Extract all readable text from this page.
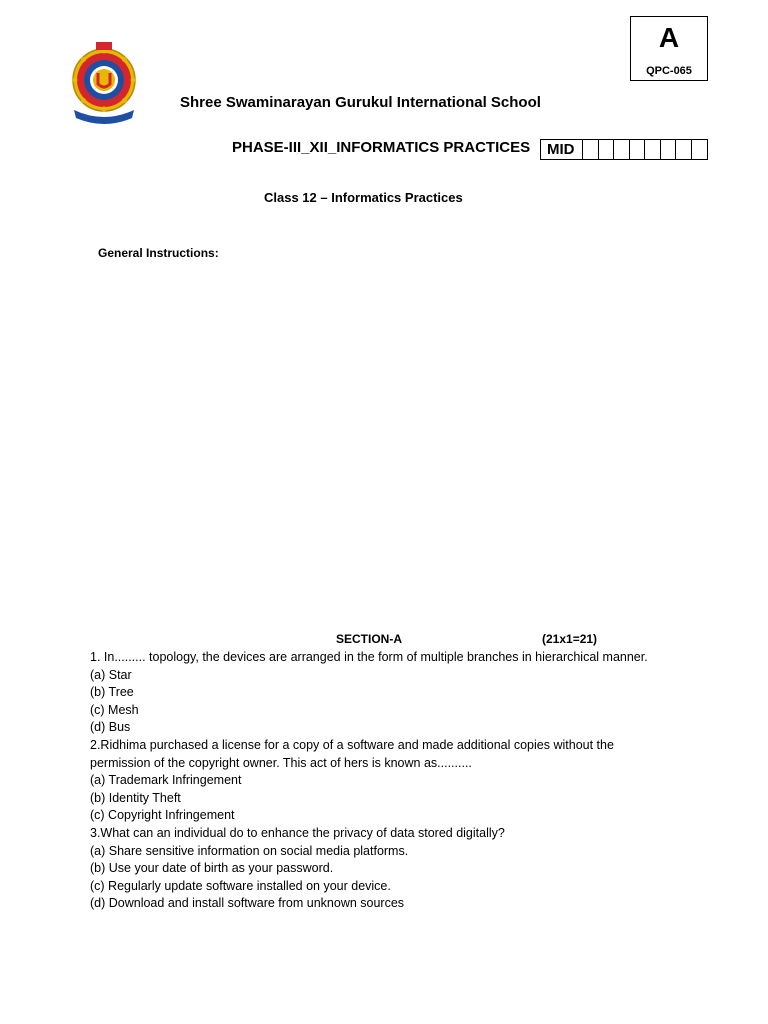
A
QPC-065
Shree Swaminarayan Gurukul International School
PHASE-III_XII_INFORMATICS PRACTICES	MID
Class 12 – Informatics Practices
General Instructions:
SECTION-A	(21x1=21)
1. In......... topology, the devices are arranged in the form of multiple branches in hierarchical manner.
(a) Star
(b) Tree
(c) Mesh
(d) Bus
2.Ridhima purchased a license for a copy of a software and made additional copies without the
permission of the copyright owner. This act of hers is known as..........
(a) Trademark Infringement
(b) Identity Theft
(c) Copyright Infringement
3.What can an individual do to enhance the privacy of data stored digitally?
(a) Share sensitive information on social media platforms.
(b) Use your date of birth as your password.
(c) Regularly update software installed on your device.
(d) Download and install software from unknown sources
